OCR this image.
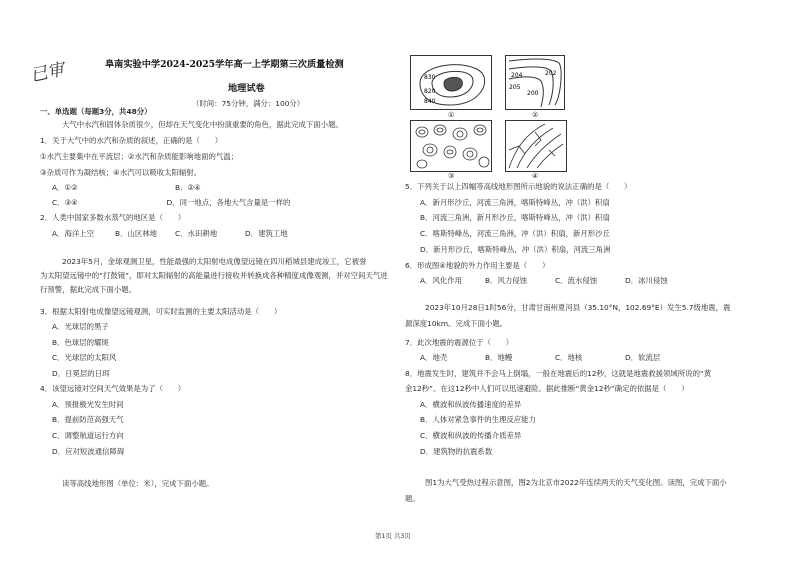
已审	阜南实验中学2024-2025学年高一上学期第三次质量检测
地理试卷
（时间：75分钟，满分：100分）
一、单选题（每题3分，共48分）
大气中水汽和固体杂质很少，但却在天气变化中扮演重要的角色，据此完成下面小题。
1．关于大气中的水汽和杂质的叙述，正确的是（　　）
①水汽主要集中在平流层；②水汽和杂质能影响地面的气温；
③杂质可作为凝结核；④水汽可以吸收太阳辐射。
A．①②	B．②④
C．③④　　　　　　　　　　　　D．同一地点，各地大气含量是一样的
2．人类中国家多数水蒸气的地区是（　　）
A．海洋上空	B．山区林地 C．水田耕地	D．建筑工地
2023年5月，金球观测卫星，性能最强的太阳射电成像望远镜在四川稻城县建成竣工，它被誉
为太阳望远镜中的“打鼓镜”，即对太阳辐射的高能量进行接收并转换成各种精度成像观测，并对空间天气进
行预警，据此完成下面小题。
3．根据太阳射电成像望远镜观测，可实时监测的主要太阳活动是（　　）
A．光球层的黑子
B．色球层的耀斑
C．光球层的太阳风
D．日冕层的日珥
4．该望远镜对空间天气效果是为了（　　）
A．预报极光发生时间
B．提前防范高强天气
C．调整航道运行方向
D．应对短波通信障碍
读等高线地形图（单位：米），完成下面小题。
830
820
840
①
204
205
200
202
②
③	④
5．下列关于以上四幅等高线地形图所示地貌的说法正确的是（　　）
A．新月形沙丘，河流三角洲，喀斯特峰丛，冲（洪）积扇
B．河流三角洲，新月形沙丘，喀斯特峰丛，冲（洪）积扇
C．喀斯特峰丛，河流三角洲，冲（洪）积扇，新月形沙丘
D．新月形沙丘，喀斯特峰丛，冲（洪）积扇，河流三角洲
6．形成图④地貌的外力作用主要是（　　）
A．风化作用	B．风力侵蚀	C．流水侵蚀	D．冰川侵蚀
2023年10月28日1时56分，甘肃甘南州夏河县（35.10°N，102.69°E）发生5.7级地震，震
源深度10km。完成下面小题。
7．此次地震的震源位于（　　）
A．地壳	B．地幔	C．地核	D．软流层
8．地震发生时，建筑并不会马上倒塌，一般在地震后的12秒，这就是地震救援领域所说的“黄
金12秒”。在这12秒中人们可以迅速避险。据此推断“黄金12秒”确定的依据是（　　）
A．横波和纵波传播速度的差异
B．人体对紧急事件的生理反应能力
C．横波和纵波的传播介质差异
D．建筑物的抗震系数
图1为大气受热过程示意图，图2为北京市2022年连续两天的天气变化图。读图，完成下面小
题。
第1页 共3页
